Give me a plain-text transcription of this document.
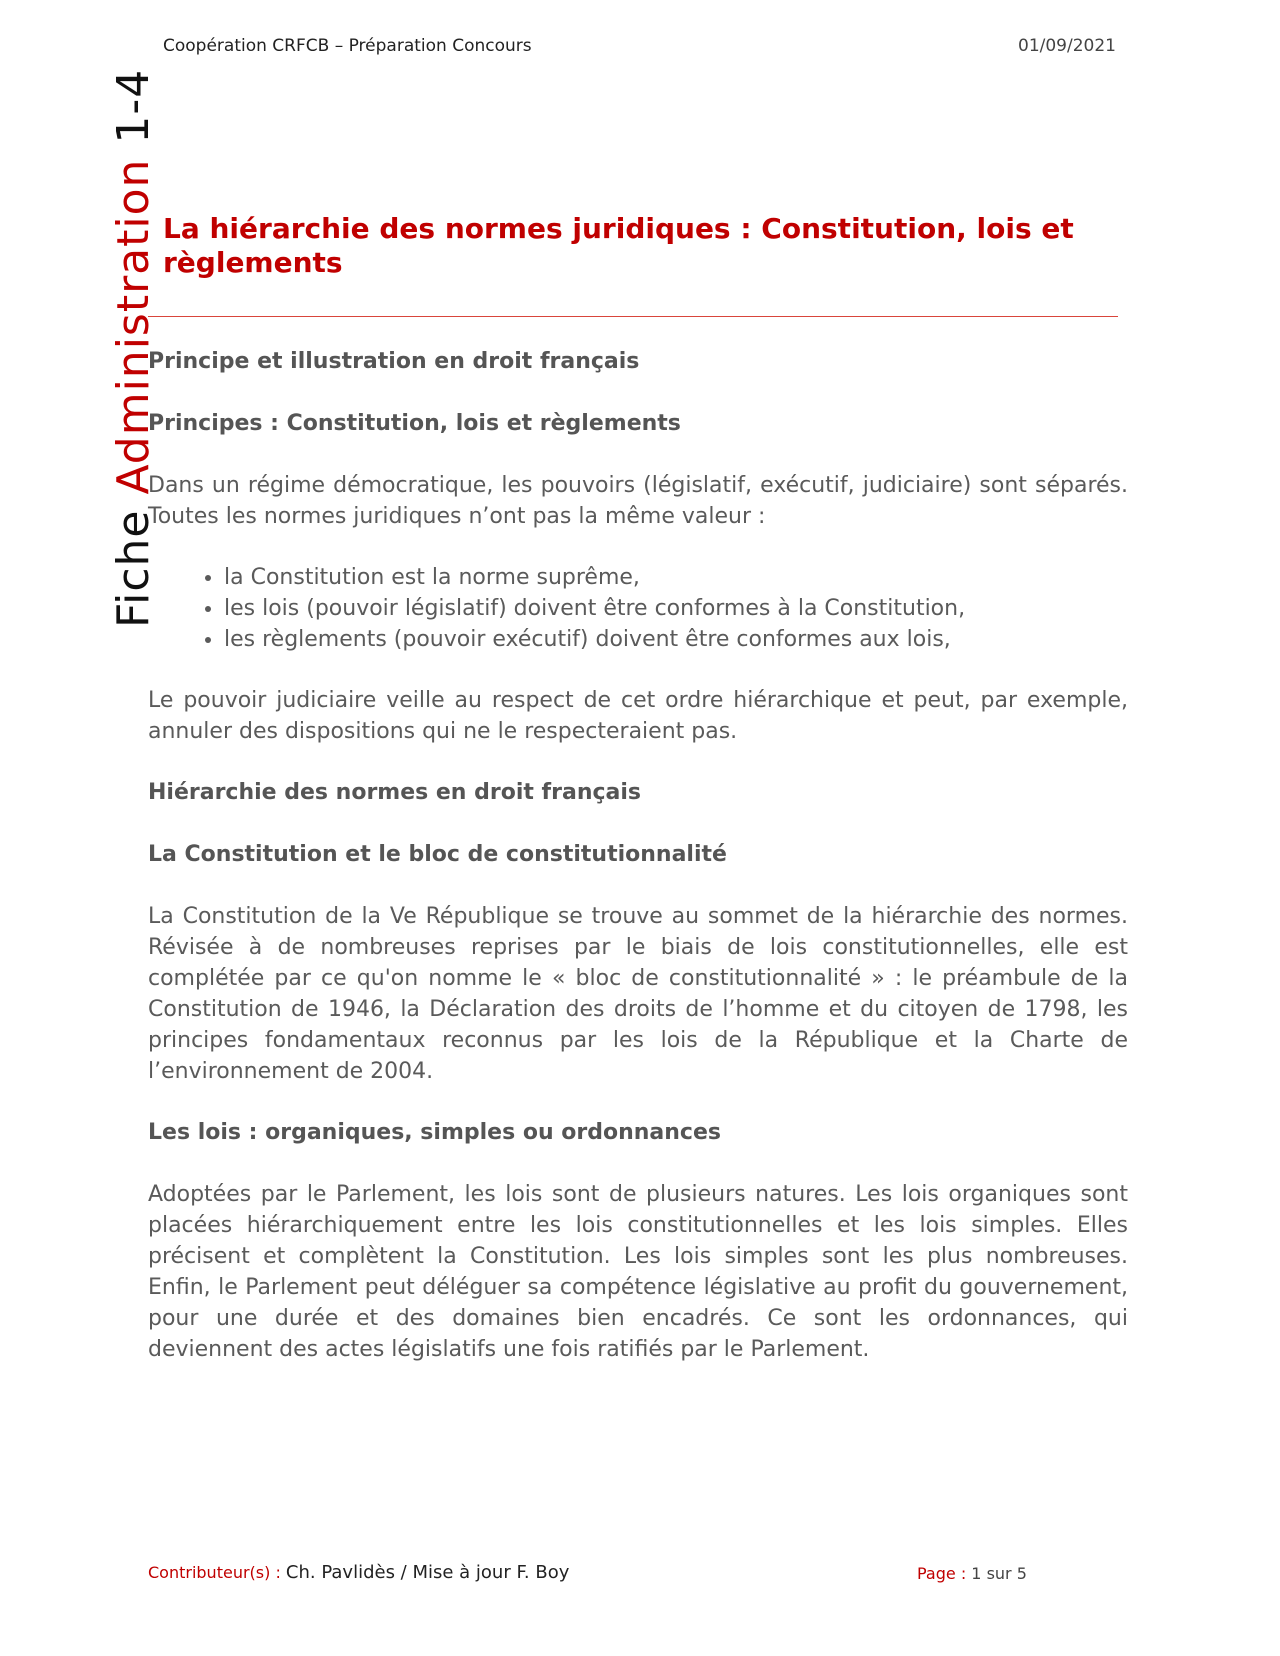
Coopération CRFCB – Préparation Concours	01/09/2021
Fiche Administration 1-4
La hiérarchie des normes juridiques : Constitution, lois et règlements
Principe et illustration en droit français
Principes : Constitution, lois et règlements

Dans un régime démocratique, les pouvoirs (législatif, exécutif, judiciaire) sont séparés. Toutes les normes juridiques n’ont pas la même valeur :

• la Constitution est la norme suprême,
• les lois (pouvoir législatif) doivent être conformes à la Constitution,
• les règlements (pouvoir exécutif) doivent être conformes aux lois,

Le pouvoir judiciaire veille au respect de cet ordre hiérarchique et peut, par exemple, annuler des dispositions qui ne le respecteraient pas.

Hiérarchie des normes en droit français
La Constitution et le bloc de constitutionnalité

La Constitution de la Ve République se trouve au sommet de la hiérarchie des normes. Révisée à de nombreuses reprises par le biais de lois constitutionnelles, elle est complétée par ce qu'on nomme le « bloc de constitutionnalité » : le préambule de la Constitution de 1946, la Déclaration des droits de l’homme et du citoyen de 1798, les principes fondamentaux reconnus par les lois de la République et la Charte de l’environnement de 2004.

Les lois : organiques, simples ou ordonnances

Adoptées par le Parlement, les lois sont de plusieurs natures. Les lois organiques sont placées hiérarchiquement entre les lois constitutionnelles et les lois simples. Elles précisent et complètent la Constitution. Les lois simples sont les plus nombreuses. Enfin, le Parlement peut déléguer sa compétence législative au profit du gouvernement, pour une durée et des domaines bien encadrés. Ce sont les ordonnances, qui deviennent des actes législatifs une fois ratifiés par le Parlement.

Contributeur(s) : Ch. Pavlidès / Mise à jour F. Boy	Page : 1 sur 5
